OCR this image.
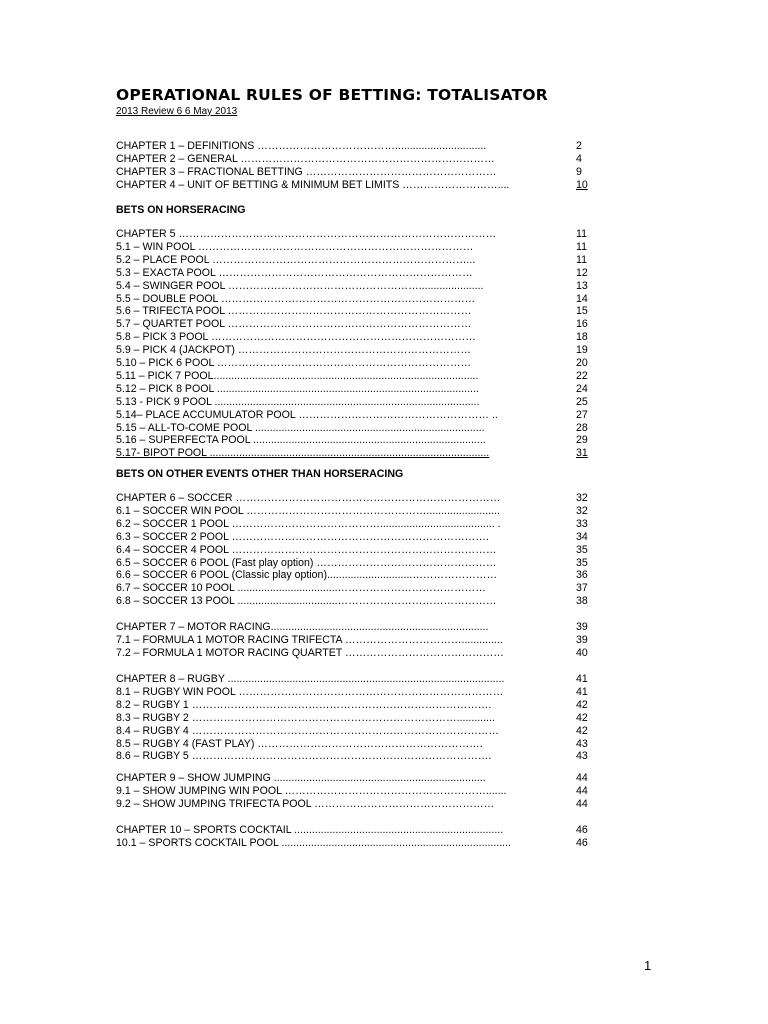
OPERATIONAL RULES OF BETTING: TOTALISATOR
2013 Review 6 6 May 2013
CHAPTER 1 – DEFINITIONS …………………………………...............................	2
CHAPTER 2 – GENERAL ………………………………………………………………	4
CHAPTER 3 – FRACTIONAL BETTING ………………………………………………	9
CHAPTER 4 – UNIT OF BETTING & MINIMUM BET LIMITS ………………………....	10
CHAPTER 5 ………………………………………………………………………………	11
5.1 – WIN POOL ……………………………………………………………………	11
5.2 – PLACE POOL ………………………………………………………………...	11
5.3 – EXACTA POOL ………………………………………………………………	12
5.4 – SWINGER POOL ………………………………………………......................	13
5.5 – DOUBLE POOL ………………………………………………………………	14
5.6 – TRIFECTA POOL ……………………………………………………………	15
5.7 – QUARTET POOL ……………………………………………………………	16
5.8 – PICK 3 POOL …………………………………………………………………	18
5.9 – PICK 4 (JACKPOT) …………………………………………………………	19
5.10 – PICK 6 POOL ………………………………………………………………	20
5.11 – PICK 7 POOL..........................................................................................	22
5.12 – PICK 8 POOL .........................................................................................	24
5.13 - PICK 9 POOL ..........................................................................................	25
5.14– PLACE ACCUMULATOR POOL ……………………………………………… ..	27
5.15 – ALL-TO-COME POOL ..............................................................................	28
5.16 – SUPERFECTA POOL ...............................................................................	29
5.17- BIPOT POOL ...............................................................................................	31
CHAPTER 6 – SOCCER …………………………………………………………………	32
6.1 – SOCCER WIN POOL …………………………………………….........................	32
6.2 – SOCCER 1 POOL ……………………………………....................................... .	33
6.3 – SOCCER 2 POOL ……………………………………………………………….	34
6.4 – SOCCER 4 POOL …………………………………………………………………	35
6.5 – SOCCER 6 POOL (Fast play option) ……………………………………………	35
6.6 – SOCCER 6 POOL (Classic play option).............................……………………	36
6.7 – SOCCER 10 POOL ..................................……………………………………	37
6.8 – SOCCER 13 POOL ..................................………………………………………	38
CHAPTER 7 – MOTOR RACING..........................................................................	39
7.1 – FORMULA 1 MOTOR RACING TRIFECTA ……………………………..............	39
7.2 – FORMULA 1 MOTOR RACING QUARTET ………………………………………	40
CHAPTER 8 – RUGBY ..............................................................................................	41
8.1 – RUGBY WIN POOL …………………………………………………………………	41
8.2 – RUGBY 1 ………………………………………………………………………….	42
8.3 – RUGBY 2 ………………………………………………………………….............	42
8.4 – RUGBY 4 ……………………………………………………………………………	42
8.5 – RUGBY 4 (FAST PLAY) ……………………………………………………….	43
8.6 – RUGBY 5 ………………………………………………………………………….	43
CHAPTER 9 – SHOW JUMPING ........................................................................	44
9.1 – SHOW JUMPING WIN POOL ………………………………………………….......	44
9.2 – SHOW JUMPING TRIFECTA POOL ……………………………………………	44
CHAPTER 10 – SPORTS COCKTAIL .......................................................................	46
10.1 – SPORTS COCKTAIL POOL ..............................................................................	46
BETS ON HORSERACING
BETS ON OTHER EVENTS OTHER THAN HORSERACING
1
